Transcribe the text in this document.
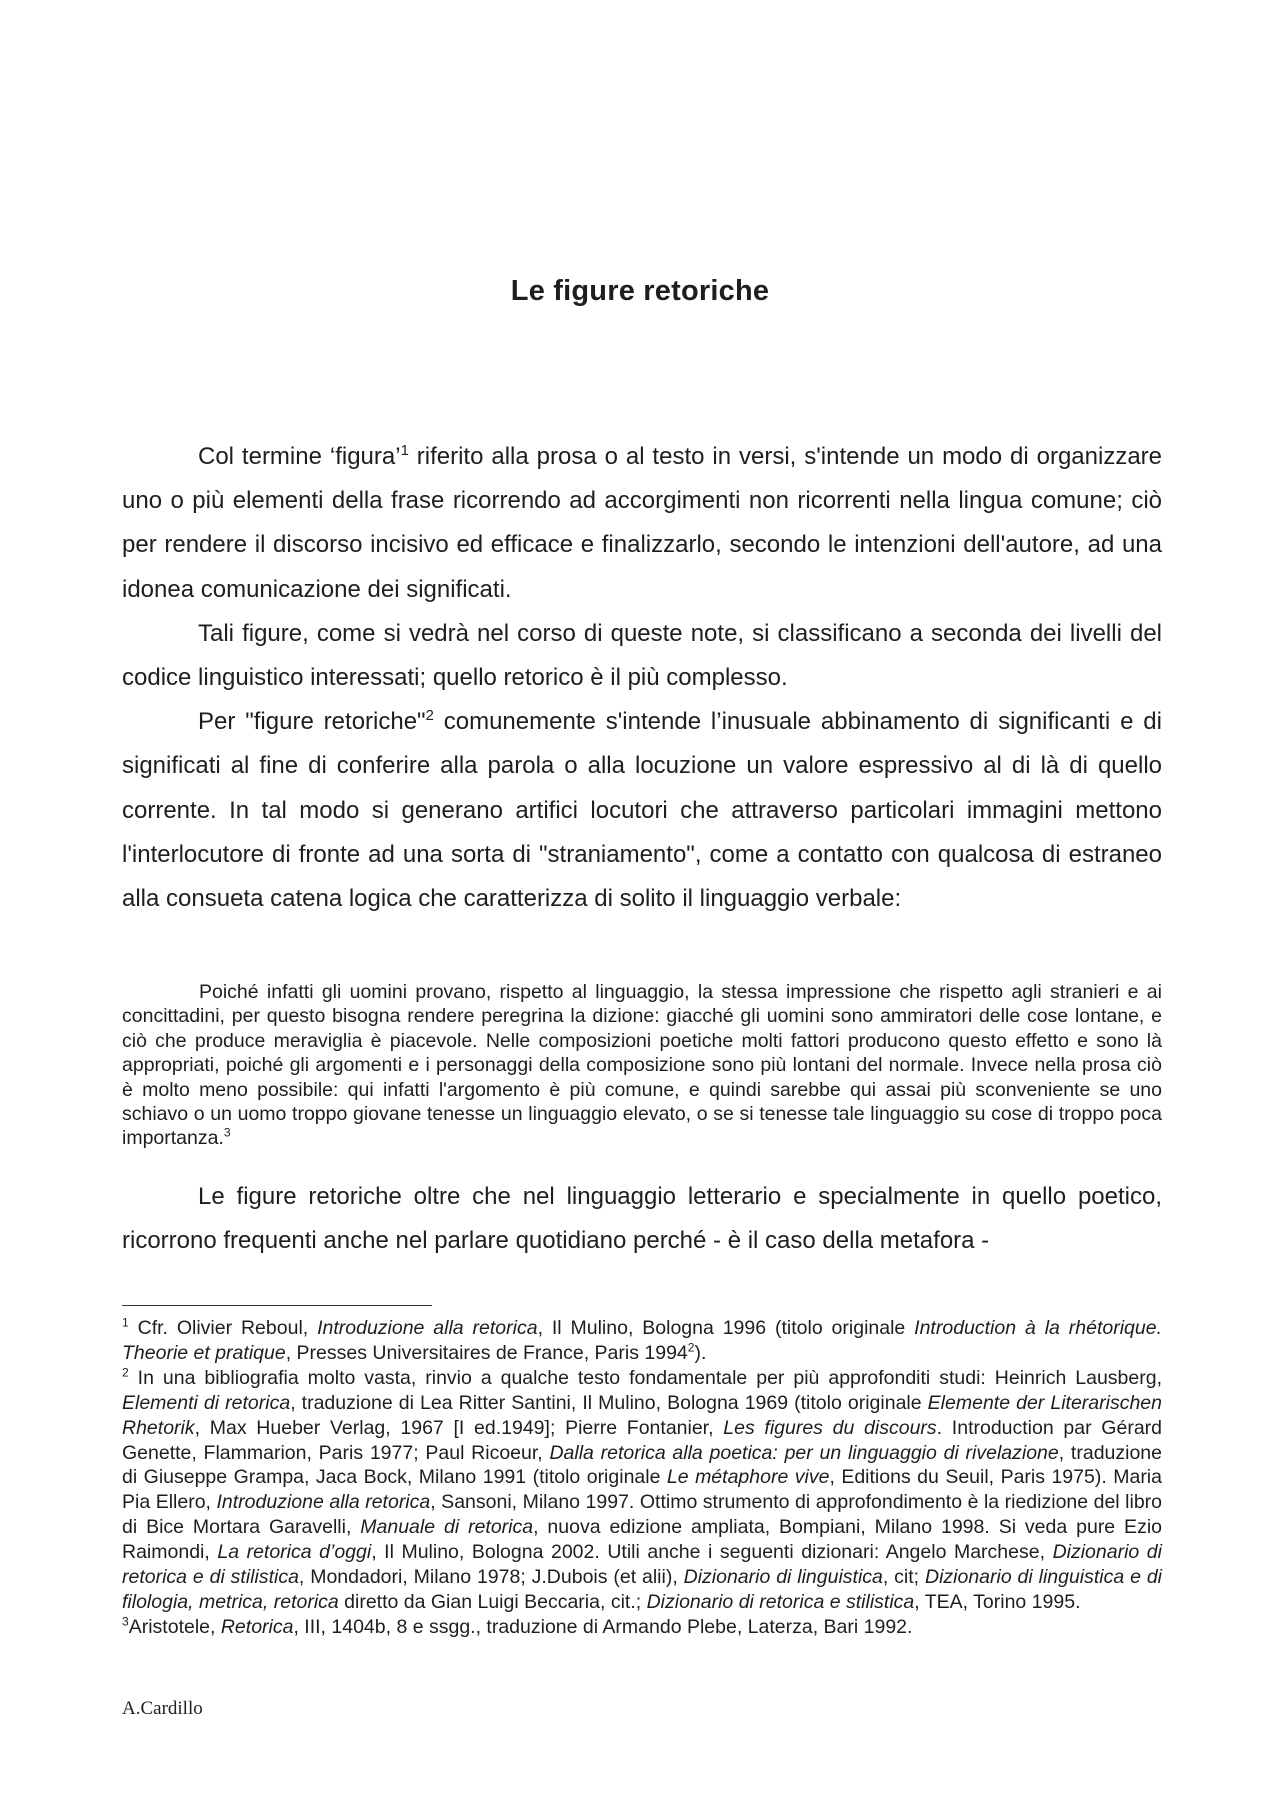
Le figure retoriche

Col termine ‘figura’$^1$ riferito alla prosa o al testo in versi, s'intende un modo di organizzare uno o più elementi della frase ricorrendo ad accorgimenti non ricorrenti nella lingua comune; ciò per rendere il discorso incisivo ed efficace e finalizzarlo, secondo le intenzioni dell'autore, ad una idonea comunicazione dei significati.

Tali figure, come si vedrà nel corso di queste note, si classificano a seconda dei livelli del codice linguistico interessati; quello retorico è il più complesso.

Per "figure retoriche"$^2$ comunemente s'intende l’inusuale abbinamento di significanti e di significati al fine di conferire alla parola o alla locuzione un valore espressivo al di là di quello corrente. In tal modo si generano artifici locutori che attraverso particolari immagini mettono l'interlocutore di fronte ad una sorta di "straniamento", come a contatto con qualcosa di estraneo alla consueta catena logica che caratterizza di solito il linguaggio verbale:

Poiché infatti gli uomini provano, rispetto al linguaggio, la stessa impressione che rispetto agli stranieri e ai concittadini, per questo bisogna rendere peregrina la dizione: giacché gli uomini sono ammiratori delle cose lontane, e ciò che produce meraviglia è piacevole. Nelle composizioni poetiche molti fattori producono questo effetto e sono là appropriati, poiché gli argomenti e i personaggi della composizione sono più lontani del normale. Invece nella prosa ciò è molto meno possibile: qui infatti l'argomento è più comune, e quindi sarebbe qui assai più sconveniente se uno schiavo o un uomo troppo giovane tenesse un linguaggio elevato, o se si tenesse tale linguaggio su cose di troppo poca importanza.$^3$

Le figure retoriche oltre che nel linguaggio letterario e specialmente in quello poetico, ricorrono frequenti anche nel parlare quotidiano perché - è il caso della metafora -

$^1$ Cfr. Olivier Reboul, Introduzione alla retorica, Il Mulino, Bologna 1996 (titolo originale Introduction à la rhétorique. Theorie et pratique, Presses Universitaires de France, Paris 1994$^2$).

$^2$ In una bibliografia molto vasta, rinvio a qualche testo fondamentale per più approfonditi studi: Heinrich Lausberg, Elementi di retorica, traduzione di Lea Ritter Santini, Il Mulino, Bologna 1969 (titolo originale Elemente der Literarischen Rhetorik, Max Hueber Verlag, 1967 [I ed.1949]; Pierre Fontanier, Les figures du discours. Introduction par Gérard Genette, Flammarion, Paris 1977; Paul Ricoeur, Dalla retorica alla poetica: per un linguaggio di rivelazione, traduzione di Giuseppe Grampa, Jaca Bock, Milano 1991 (titolo originale Le métaphore vive, Editions du Seuil, Paris 1975). Maria Pia Ellero, Introduzione alla retorica, Sansoni, Milano 1997. Ottimo strumento di approfondimento è la riedizione del libro di Bice Mortara Garavelli, Manuale di retorica, nuova edizione ampliata, Bompiani, Milano 1998. Si veda pure Ezio Raimondi, La retorica d’oggi, Il Mulino, Bologna 2002. Utili anche i seguenti dizionari: Angelo Marchese, Dizionario di retorica e di stilistica, Mondadori, Milano 1978; J.Dubois (et alii), Dizionario di linguistica, cit; Dizionario di linguistica e di filologia, metrica, retorica diretto da Gian Luigi Beccaria, cit.; Dizionario di retorica e stilistica, TEA, Torino 1995.

$^3$Aristotele, Retorica, III, 1404b, 8 e ssgg., traduzione di Armando Plebe, Laterza, Bari 1992.

A.Cardillo
